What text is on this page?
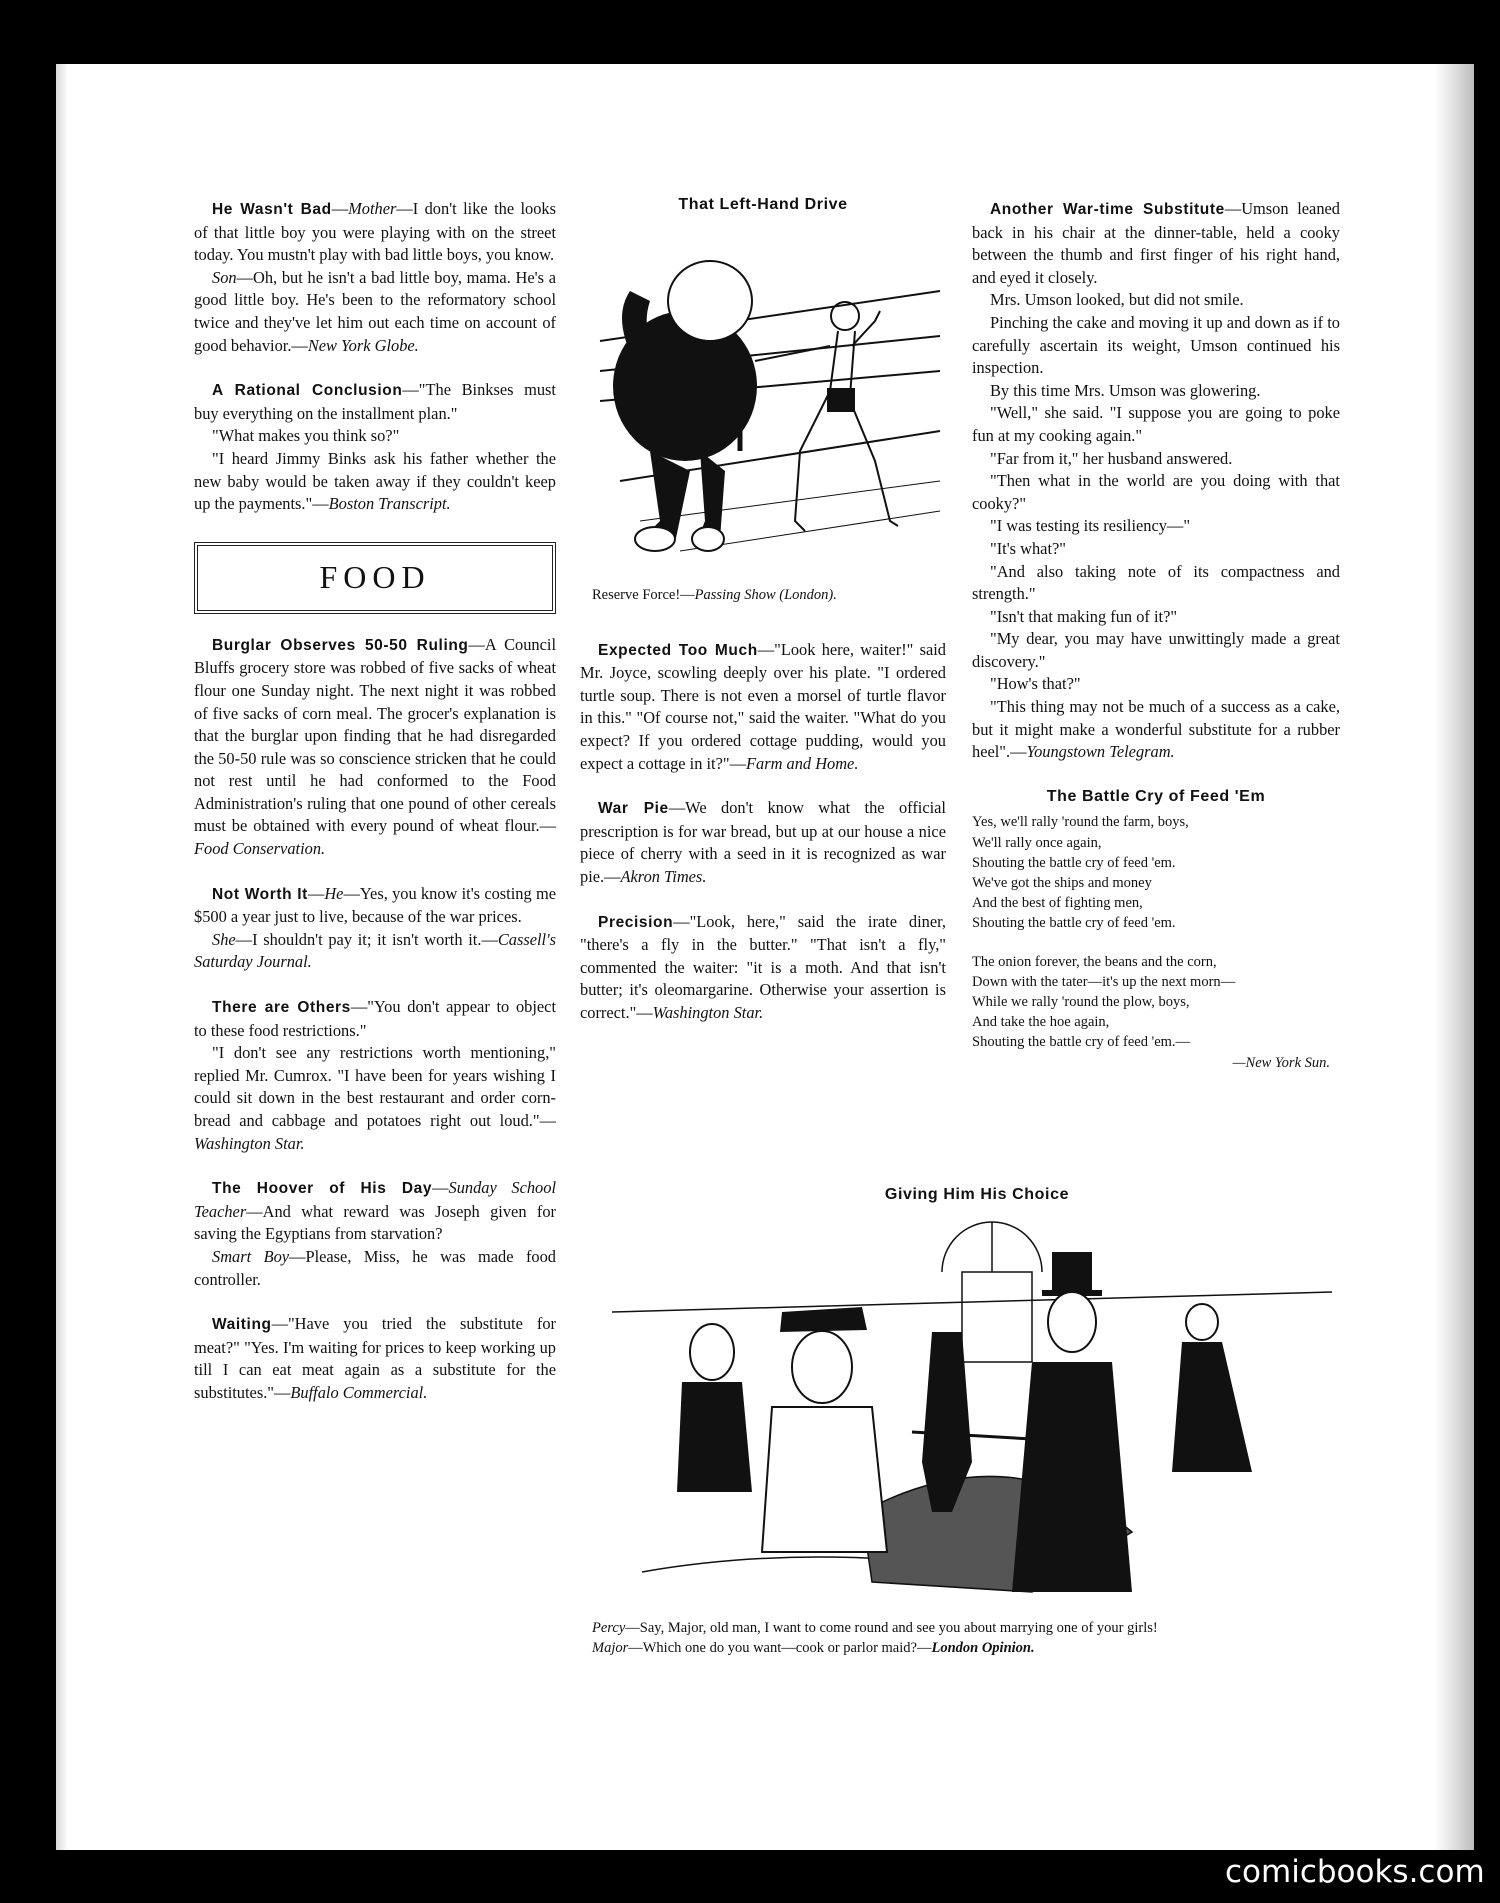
He Wasn't Bad—Mother—I don't like the looks of that little boy you were playing with on the street today. You mustn't play with bad little boys, you know.

Son—Oh, but he isn't a bad little boy, mama. He's a good little boy. He's been to the reformatory school twice and they've let him out each time on account of good behavior.—New York Globe.

A Rational Conclusion—"The Binkses must buy everything on the installment plan."

"What makes you think so?"

"I heard Jimmy Binks ask his father whether the new baby would be taken away if they couldn't keep up the payments."—Boston Transcript.

FOOD

Burglar Observes 50-50 Ruling—A Council Bluffs grocery store was robbed of five sacks of wheat flour one Sunday night. The next night it was robbed of five sacks of corn meal. The grocer's explanation is that the burglar upon finding that he had disregarded the 50-50 rule was so conscience stricken that he could not rest until he had conformed to the Food Administration's ruling that one pound of other cereals must be obtained with every pound of wheat flour.—Food Conservation.

Not Worth It—He—Yes, you know it's costing me $500 a year just to live, because of the war prices.

She—I shouldn't pay it; it isn't worth it.—Cassell's Saturday Journal.

There are Others—"You don't appear to object to these food restrictions."

"I don't see any restrictions worth mentioning," replied Mr. Cumrox. "I have been for years wishing I could sit down in the best restaurant and order corn-bread and cabbage and potatoes right out loud."—Washington Star.

The Hoover of His Day—Sunday School Teacher—And what reward was Joseph given for saving the Egyptians from starvation?

Smart Boy—Please, Miss, he was made food controller.

Waiting—"Have you tried the substitute for meat?" "Yes. I'm waiting for prices to keep working up till I can eat meat again as a substitute for the substitutes."—Buffalo Commercial.

That Left-Hand Drive
Reserve Force!—Passing Show (London).

Expected Too Much—"Look here, waiter!" said Mr. Joyce, scowling deeply over his plate. "I ordered turtle soup. There is not even a morsel of turtle flavor in this." "Of course not," said the waiter. "What do you expect? If you ordered cottage pudding, would you expect a cottage in it?"—Farm and Home.

War Pie—We don't know what the official prescription is for war bread, but up at our house a nice piece of cherry with a seed in it is recognized as war pie.—Akron Times.

Precision—"Look, here," said the irate diner, "there's a fly in the butter." "That isn't a fly," commented the waiter: "it is a moth. And that isn't butter; it's oleomargarine. Otherwise your assertion is correct."—Washington Star.

Another War-time Substitute—Umson leaned back in his chair at the dinner-table, held a cooky between the thumb and first finger of his right hand, and eyed it closely.

Mrs. Umson looked, but did not smile.

Pinching the cake and moving it up and down as if to carefully ascertain its weight, Umson continued his inspection.

By this time Mrs. Umson was glowering.

"Well," she said. "I suppose you are going to poke fun at my cooking again."

"Far from it," her husband answered.

"Then what in the world are you doing with that cooky?"

"I was testing its resiliency—"

"It's what?"

"And also taking note of its compactness and strength."

"Isn't that making fun of it?"

"My dear, you may have unwittingly made a great discovery."

"How's that?"

"This thing may not be much of a success as a cake, but it might make a wonderful substitute for a rubber heel".—Youngstown Telegram.

The Battle Cry of Feed 'Em
Yes, we'll rally 'round the farm, boys,
We'll rally once again,
Shouting the battle cry of feed 'em.
We've got the ships and money
And the best of fighting men,
Shouting the battle cry of feed 'em.
The onion forever, the beans and the corn,
Down with the tater—it's up the next morn—
While we rally 'round the plow, boys,
And take the hoe again,
Shouting the battle cry of feed 'em.—
—New York Sun.
Giving Him His Choice
Percy—Say, Major, old man, I want to come round and see you about marrying one of your girls!
Major—Which one do you want—cook or parlor maid?—London Opinion.
comicbooks.com
